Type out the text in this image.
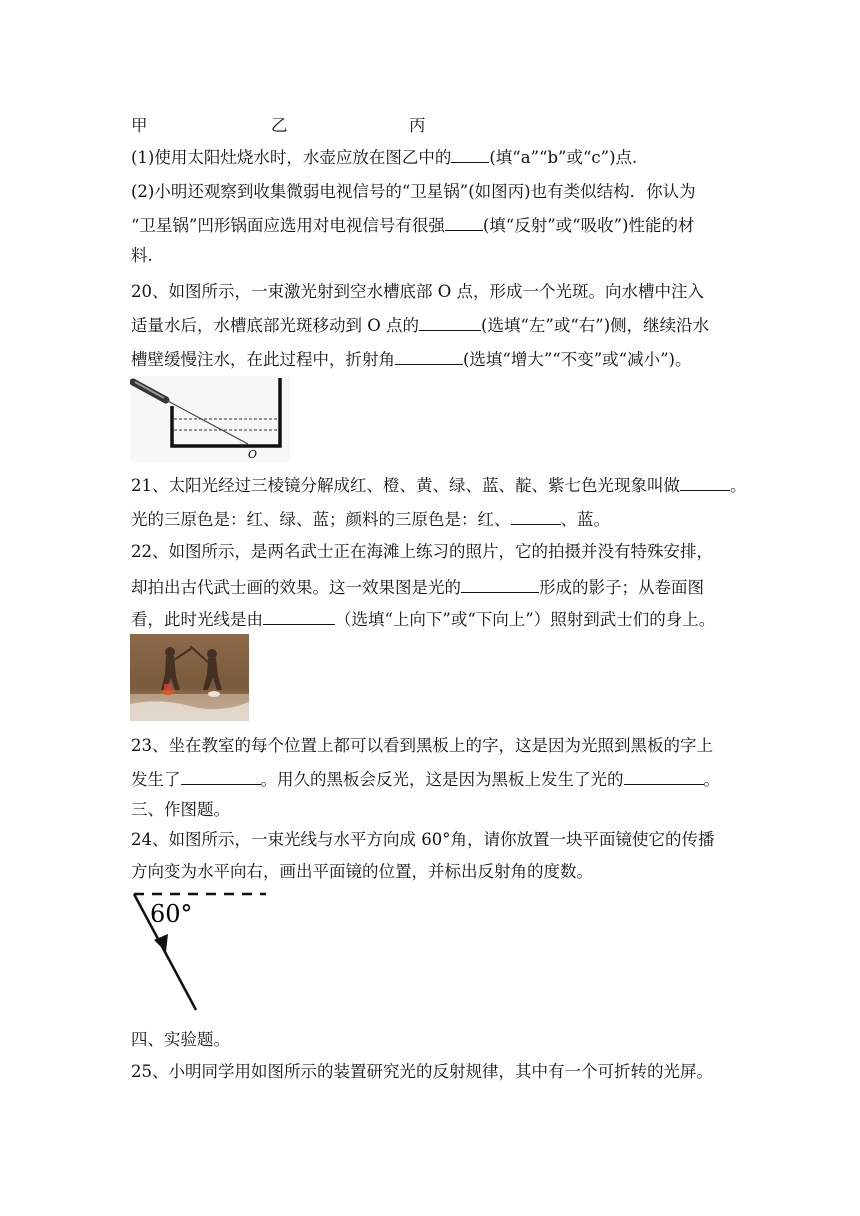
甲	乙	丙
(1)使用太阳灶烧水时，水壶应放在图乙中的 (填“a”“b”或“c”)点.
(2)小明还观察到收集微弱电视信号的“卫星锅”(如图丙)也有类似结构．你认为
“卫星锅”凹形锅面应选用对电视信号有很强 (填“反射”或“吸收”)性能的材
料.
20、如图所示，一束激光射到空水槽底部 O 点，形成一个光斑。向水槽中注入
适量水后，水槽底部光斑移动到 O 点的	(选填“左”或“右”)侧，继续沿水
槽壁缓慢注水，在此过程中，折射角	(选填“增大”“不变”或“减小”)。
O
21、太阳光经过三棱镜分解成红、橙、黄、绿、蓝、靛、紫七色光现象叫做	。
光的三原色是：红、绿、蓝；颜料的三原色是：红、	、蓝。
22、如图所示，是两名武士正在海滩上练习的照片，它的拍摄并没有特殊安排，
却拍出古代武士画的效果。这一效果图是光的	形成的影子；从卷面图
看，此时光线是由	（选填“上向下”或“下向上”）照射到武士们的身上。
23、坐在教室的每个位置上都可以看到黑板上的字，这是因为光照到黑板的字上
发生了	。用久的黑板会反光，这是因为黑板上发生了光的	。
三、作图题。
24、如图所示，一束光线与水平方向成 60°角，请你放置一块平面镜使它的传播
方向变为水平向右，画出平面镜的位置，并标出反射角的度数。
60°
四、实验题。
25、小明同学用如图所示的装置研究光的反射规律，其中有一个可折转的光屏。
